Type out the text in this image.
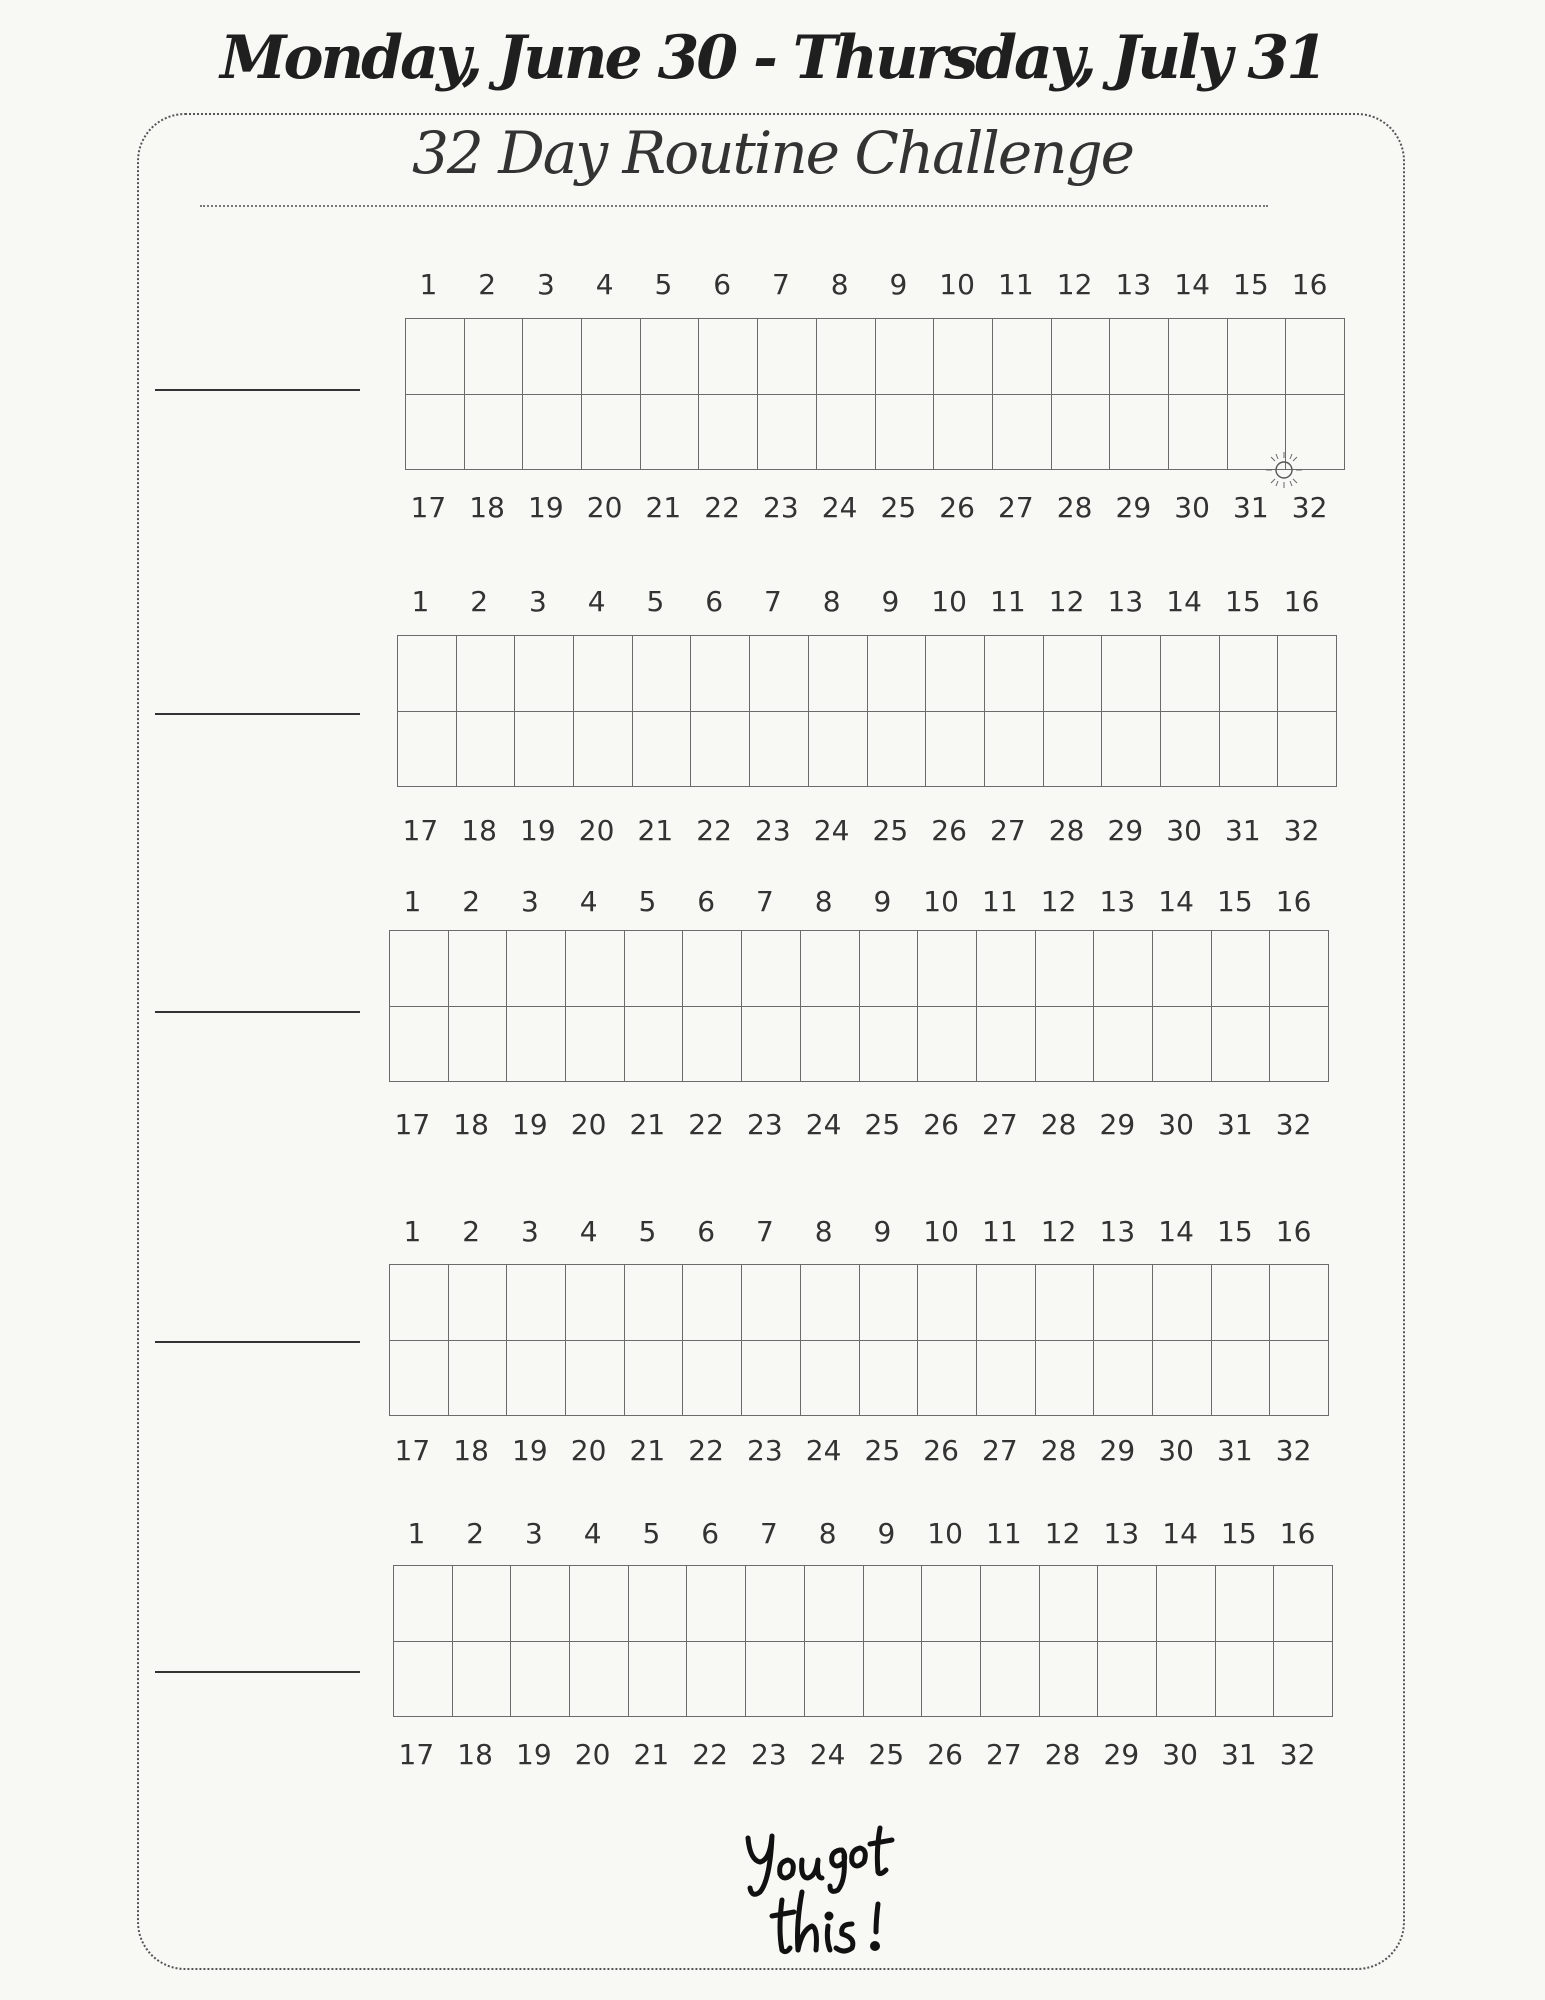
Monday, June 30 - Thursday, July 31
32 Day Routine Challenge
1	2	3	4	5	6	7	8	9	10 11 12 13 14 15 16
17 18 19 20 21 22 23 24 25 26 27 28 29 30 31 32
1	2	3	4	5	6	7	8	9	10 11 12 13 14 15 16
17 18 19 20 21 22 23 24 25 26 27 28 29 30 31 32
1	2	3	4	5	6	7	8	9	10 11 12 13 14 15 16
17 18 19 20 21 22 23 24 25 26 27 28 29 30 31 32
1	2	3	4	5	6	7	8	9	10 11 12 13 14 15 16
17 18 19 20 21 22 23 24 25 26 27 28 29 30 31 32
1	2	3	4	5	6	7	8	9	10 11 12 13 14 15 16
17 18 19 20 21 22 23 24 25 26 27 28 29 30 31 32
